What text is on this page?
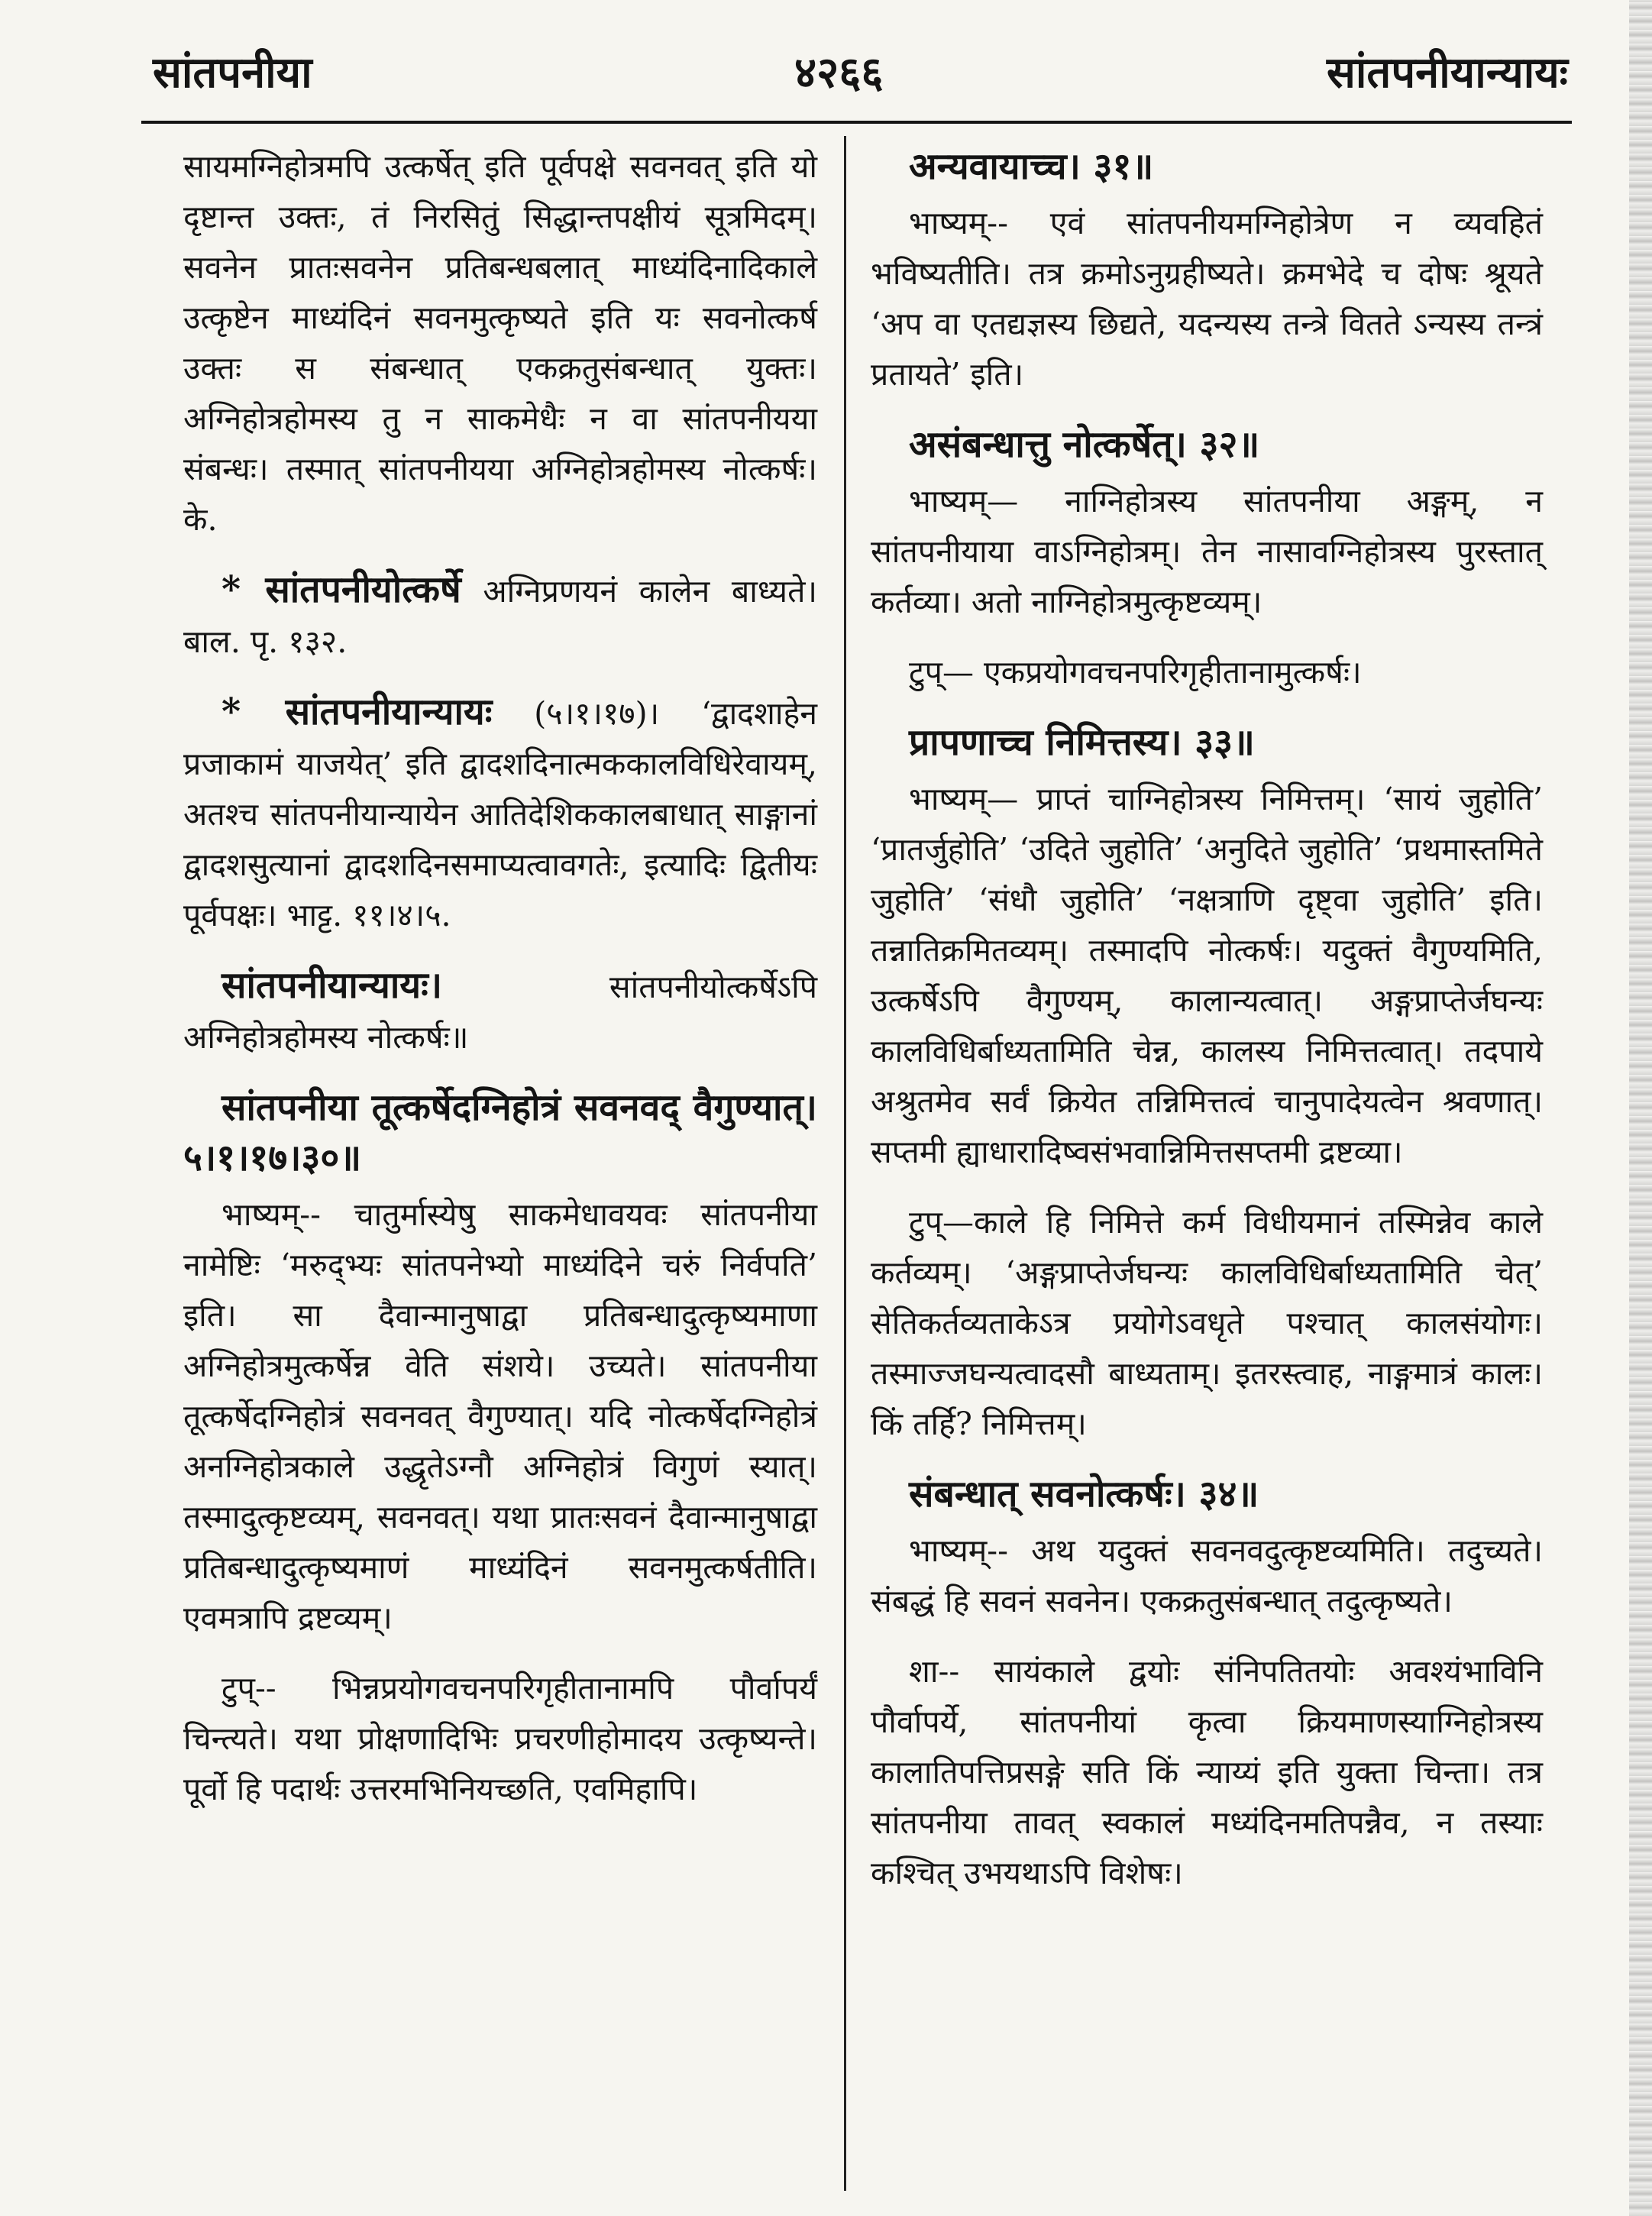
सांतपनीया	४२६६	सांतपनीयान्यायः

सायमग्निहोत्रमपि उत्कर्षेत् इति पूर्वपक्षे सवनवत् इति यो दृष्टान्त उक्तः, तं निरसितुं सिद्धान्तपक्षीयं सूत्रमिदम्। सवनेन प्रातःसवनेन प्रतिबन्धबलात् माध्यंदिनादिकाले उत्कृष्टेन माध्यंदिनं सवनमुत्कृष्यते इति यः सवनोत्कर्ष उक्तः स संबन्धात् एकक्रतुसंबन्धात् युक्तः। अग्निहोत्रहोमस्य तु न साकमेधैः न वा सांतपनीयया संबन्धः। तस्मात् सांतपनीयया अग्निहोत्रहोमस्य नोत्कर्षः। के.

* सांतपनीयोत्कर्षे अग्निप्रणयनं कालेन बाध्यते। बाल. पृ. १३२.

* सांतपनीयान्यायः (५।१।१७)। ‘द्वादशाहेन प्रजाकामं याजयेत्’ इति द्वादशदिनात्मककालविधिरेवायम्, अतश्च सांतपनीयान्यायेन आतिदेशिककालबाधात् साङ्गानां द्वादशसुत्यानां द्वादशदिनसमाप्यत्वावगतेः, इत्यादिः द्वितीयः पूर्वपक्षः। भाट्ट. ११।४।५.

सांतपनीयान्यायः।	सांतपनीयोत्कर्षेऽपि अग्निहोत्रहोमस्य नोत्कर्षः॥

सांतपनीया तूत्कर्षेदग्निहोत्रं सवनवद् वैगुण्यात्। ५।१।१७।३०॥

भाष्यम्-- चातुर्मास्येषु साकमेधावयवः सांतपनीया नामेष्टिः ‘मरुद्भ्यः सांतपनेभ्यो माध्यंदिने चरुं निर्वपति’ इति। सा दैवान्मानुषाद्वा प्रतिबन्धादुत्कृष्यमाणा अग्निहोत्रमुत्कर्षेन्न वेति संशये। उच्यते। सांतपनीया तूत्कर्षेदग्निहोत्रं सवनवत् वैगुण्यात्। यदि नोत्कर्षेदग्निहोत्रं अनग्निहोत्रकाले उद्धृतेऽग्नौ अग्निहोत्रं विगुणं स्यात्। तस्मादुत्कृष्टव्यम्, सवनवत्। यथा प्रातःसवनं दैवान्मानुषाद्वा प्रतिबन्धादुत्कृष्यमाणं माध्यंदिनं सवनमुत्कर्षतीति। एवमत्रापि द्रष्टव्यम्।

टुप्-- भिन्नप्रयोगवचनपरिगृहीतानामपि पौर्वापर्यं चिन्त्यते। यथा प्रोक्षणादिभिः प्रचरणीहोमादय उत्कृष्यन्ते। पूर्वो हि पदार्थः उत्तरमभिनियच्छति, एवमिहापि।

अन्यवायाच्च। ३१॥

भाष्यम्-- एवं सांतपनीयमग्निहोत्रेण न व्यवहितं भविष्यतीति। तत्र क्रमोऽनुग्रहीष्यते। क्रमभेदे च दोषः श्रूयते ‘अप वा एतद्यज्ञस्य छिद्यते, यदन्यस्य तन्त्रे वितते ऽन्यस्य तन्त्रं प्रतायते’ इति।

असंबन्धात्तु नोत्कर्षेत्। ३२॥

भाष्यम्— नाग्निहोत्रस्य सांतपनीया अङ्गम्, न सांतपनीयाया वाऽग्निहोत्रम्। तेन नासावग्निहोत्रस्य पुरस्तात् कर्तव्या। अतो नाग्निहोत्रमुत्कृष्टव्यम्।

टुप्— एकप्रयोगवचनपरिगृहीतानामुत्कर्षः।

प्रापणाच्च निमित्तस्य। ३३॥

भाष्यम्— प्राप्तं चाग्निहोत्रस्य निमित्तम्। ‘सायं जुहोति’ ‘प्रातर्जुहोति’ ‘उदिते जुहोति’ ‘अनुदिते जुहोति’ ‘प्रथमास्तमिते जुहोति’ ‘संधौ जुहोति’ ‘नक्षत्राणि दृष्ट्वा जुहोति’ इति। तन्नातिक्रमितव्यम्। तस्मादपि नोत्कर्षः। यदुक्तं वैगुण्यमिति, उत्कर्षेऽपि वैगुण्यम्, कालान्यत्वात्। अङ्गप्राप्तेर्जघन्यः कालविधिर्बाध्यतामिति चेन्न, कालस्य निमित्तत्वात्। तदपाये अश्रुतमेव सर्वं क्रियेत तन्निमित्तत्वं चानुपादेयत्वेन श्रवणात्। सप्तमी ह्याधारादिष्वसंभवान्निमित्तसप्तमी द्रष्टव्या।

टुप्—काले हि निमित्ते कर्म विधीयमानं तस्मिन्नेव काले कर्तव्यम्। ‘अङ्गप्राप्तेर्जघन्यः कालविधिर्बाध्यतामिति चेत्’ सेतिकर्तव्यताकेऽत्र प्रयोगेऽवधृते पश्चात् कालसंयोगः। तस्माज्जघन्यत्वादसौ बाध्यताम्। इतरस्त्वाह, नाङ्गमात्रं कालः। किं तर्हि? निमित्तम्।

संबन्धात् सवनोत्कर्षः। ३४॥

भाष्यम्-- अथ यदुक्तं सवनवदुत्कृष्टव्यमिति। तदुच्यते। संबद्धं हि सवनं सवनेन। एकक्रतुसंबन्धात् तदुत्कृष्यते।

शा-- सायंकाले द्वयोः संनिपतितयोः अवश्यंभाविनि पौर्वापर्ये, सांतपनीयां कृत्वा क्रियमाणस्याग्निहोत्रस्य कालातिपत्तिप्रसङ्गे सति किं न्याय्यं इति युक्ता चिन्ता। तत्र सांतपनीया तावत् स्वकालं मध्यंदिनमतिपन्नैव, न तस्याः कश्चित् उभयथाऽपि विशेषः।
